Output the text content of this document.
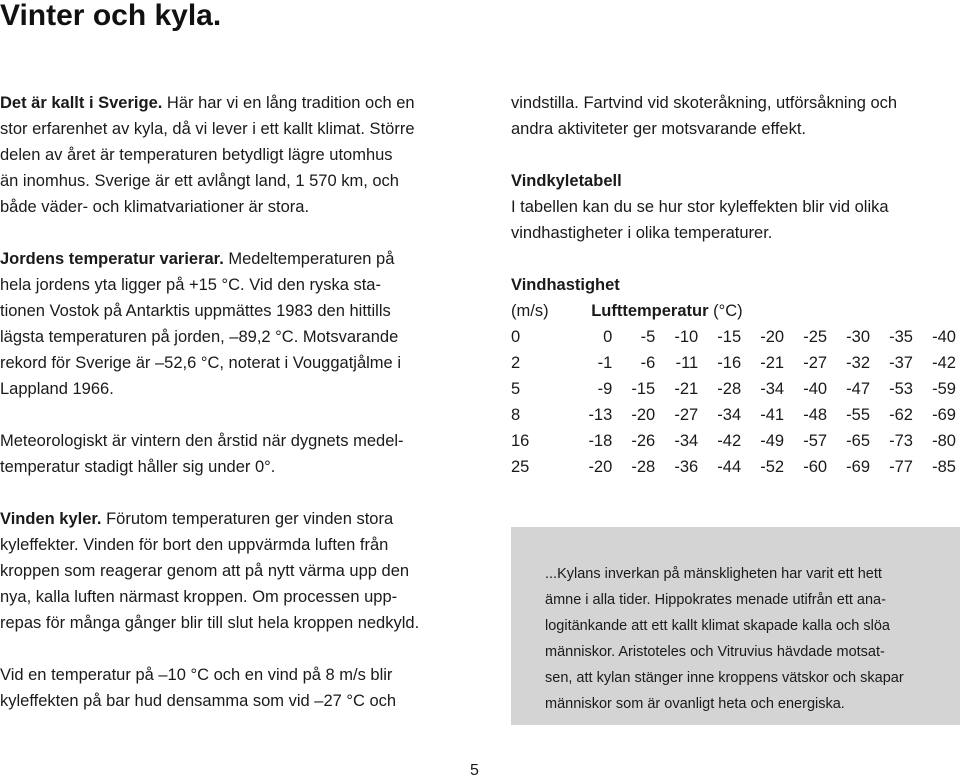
Vinter och kyla.
Det är kallt i Sverige. Här har vi en lång tradition och en
stor erfarenhet av kyla, då vi lever i ett kallt klimat. Större
delen av året är temperaturen betydligt lägre utomhus
än inomhus. Sverige är ett avlångt land, 1 570 km, och
både väder- och klimatvariationer är stora.
Jordens temperatur varierar. Medeltemperaturen på
hela jordens yta ligger på +15 °C. Vid den ryska sta-
tionen Vostok på Antarktis uppmättes 1983 den hittills
lägsta temperaturen på jorden, –89,2 °C. Motsvarande
rekord för Sverige är –52,6 °C, noterat i Vouggatjålme i
Lappland 1966.
Meteorologiskt är vintern den årstid när dygnets medel-
temperatur stadigt håller sig under 0°.
Vinden kyler. Förutom temperaturen ger vinden stora
kyleffekter. Vinden för bort den uppvärmda luften från
kroppen som reagerar genom att på nytt värma upp den
nya, kalla luften närmast kroppen. Om processen upp-
repas för många gånger blir till slut hela kroppen nedkyld.
Vid en temperatur på –10 °C och en vind på 8 m/s blir
kyleffekten på bar hud densamma som vid –27 °C och
vindstilla. Fartvind vid skoteråkning, utförsåkning och
andra aktiviteter ger motsvarande effekt.
Vindkyletabell
I tabellen kan du se hur stor kyleffekten blir vid olika
vindhastigheter i olika temperaturer.
Vindhastighet
(m/s)	Lufttemperatur (°C)								
0	0	-5	-10	-15	-20	-25	-30	-35	-40
2	-1	-6	-11	-16	-21	-27	-32	-37	-42
5	-9	-15	-21	-28	-34	-40	-47	-53	-59
8	-13	-20	-27	-34	-41	-48	-55	-62	-69
16	-18	-26	-34	-42	-49	-57	-65	-73	-80
25	-20	-28	-36	-44	-52	-60	-69	-77	-85
...Kylans inverkan på mänskligheten har varit ett hett
ämne i alla tider. Hippokrates menade utifrån ett ana-
logitänkande att ett kallt klimat skapade kalla och slöa
människor. Aristoteles och Vitruvius hävdade motsat-
sen, att kylan stänger inne kroppens vätskor och skapar
människor som är ovanligt heta och energiska.
5
